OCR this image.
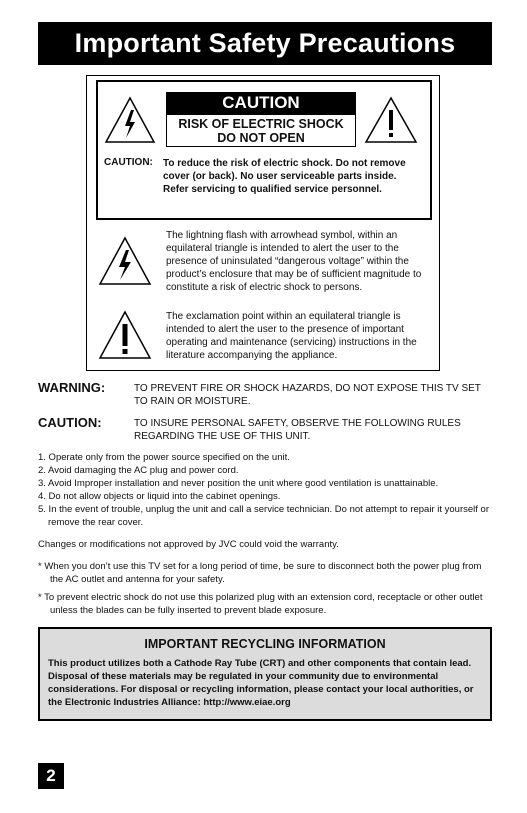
Important Safety Precautions
CAUTION
RISK OF ELECTRIC SHOCK
DO NOT OPEN
CAUTION: To reduce the risk of electric shock. Do not remove cover (or back). No user serviceable parts inside. Refer servicing to qualified service personnel.
The lightning flash with arrowhead symbol, within an equilateral triangle is intended to alert the user to the presence of uninsulated “dangerous voltage” within the product’s enclosure that may be of sufficient magnitude to constitute a risk of electric shock to persons.
The exclamation point within an equilateral triangle is intended to alert the user to the presence of important operating and maintenance (servicing) instructions in the literature accompanying the appliance.
WARNING:	TO PREVENT FIRE OR SHOCK HAZARDS, DO NOT EXPOSE THIS TV SET TO RAIN OR MOISTURE.
CAUTION:	TO INSURE PERSONAL SAFETY, OBSERVE THE FOLLOWING RULES REGARDING THE USE OF THIS UNIT.
1. Operate only from the power source specified on the unit.
2. Avoid damaging the AC plug and power cord.
3. Avoid Improper installation and never position the unit where good ventilation is unattainable.
4. Do not allow objects or liquid into the cabinet openings.
5. In the event of trouble, unplug the unit and call a service technician. Do not attempt to repair it yourself or remove the rear cover.
Changes or modifications not approved by JVC could void the warranty.
* When you don’t use this TV set for a long period of time, be sure to disconnect both the power plug from the AC outlet and antenna for your safety.
* To prevent electric shock do not use this polarized plug with an extension cord, receptacle or other outlet unless the blades can be fully inserted to prevent blade exposure.
IMPORTANT RECYCLING INFORMATION
This product utilizes both a Cathode Ray Tube (CRT) and other components that contain lead. Disposal of these materials may be regulated in your community due to environmental considerations. For disposal or recycling information, please contact your local authorities, or the Electronic Industries Alliance: http://www.eiae.org
2
